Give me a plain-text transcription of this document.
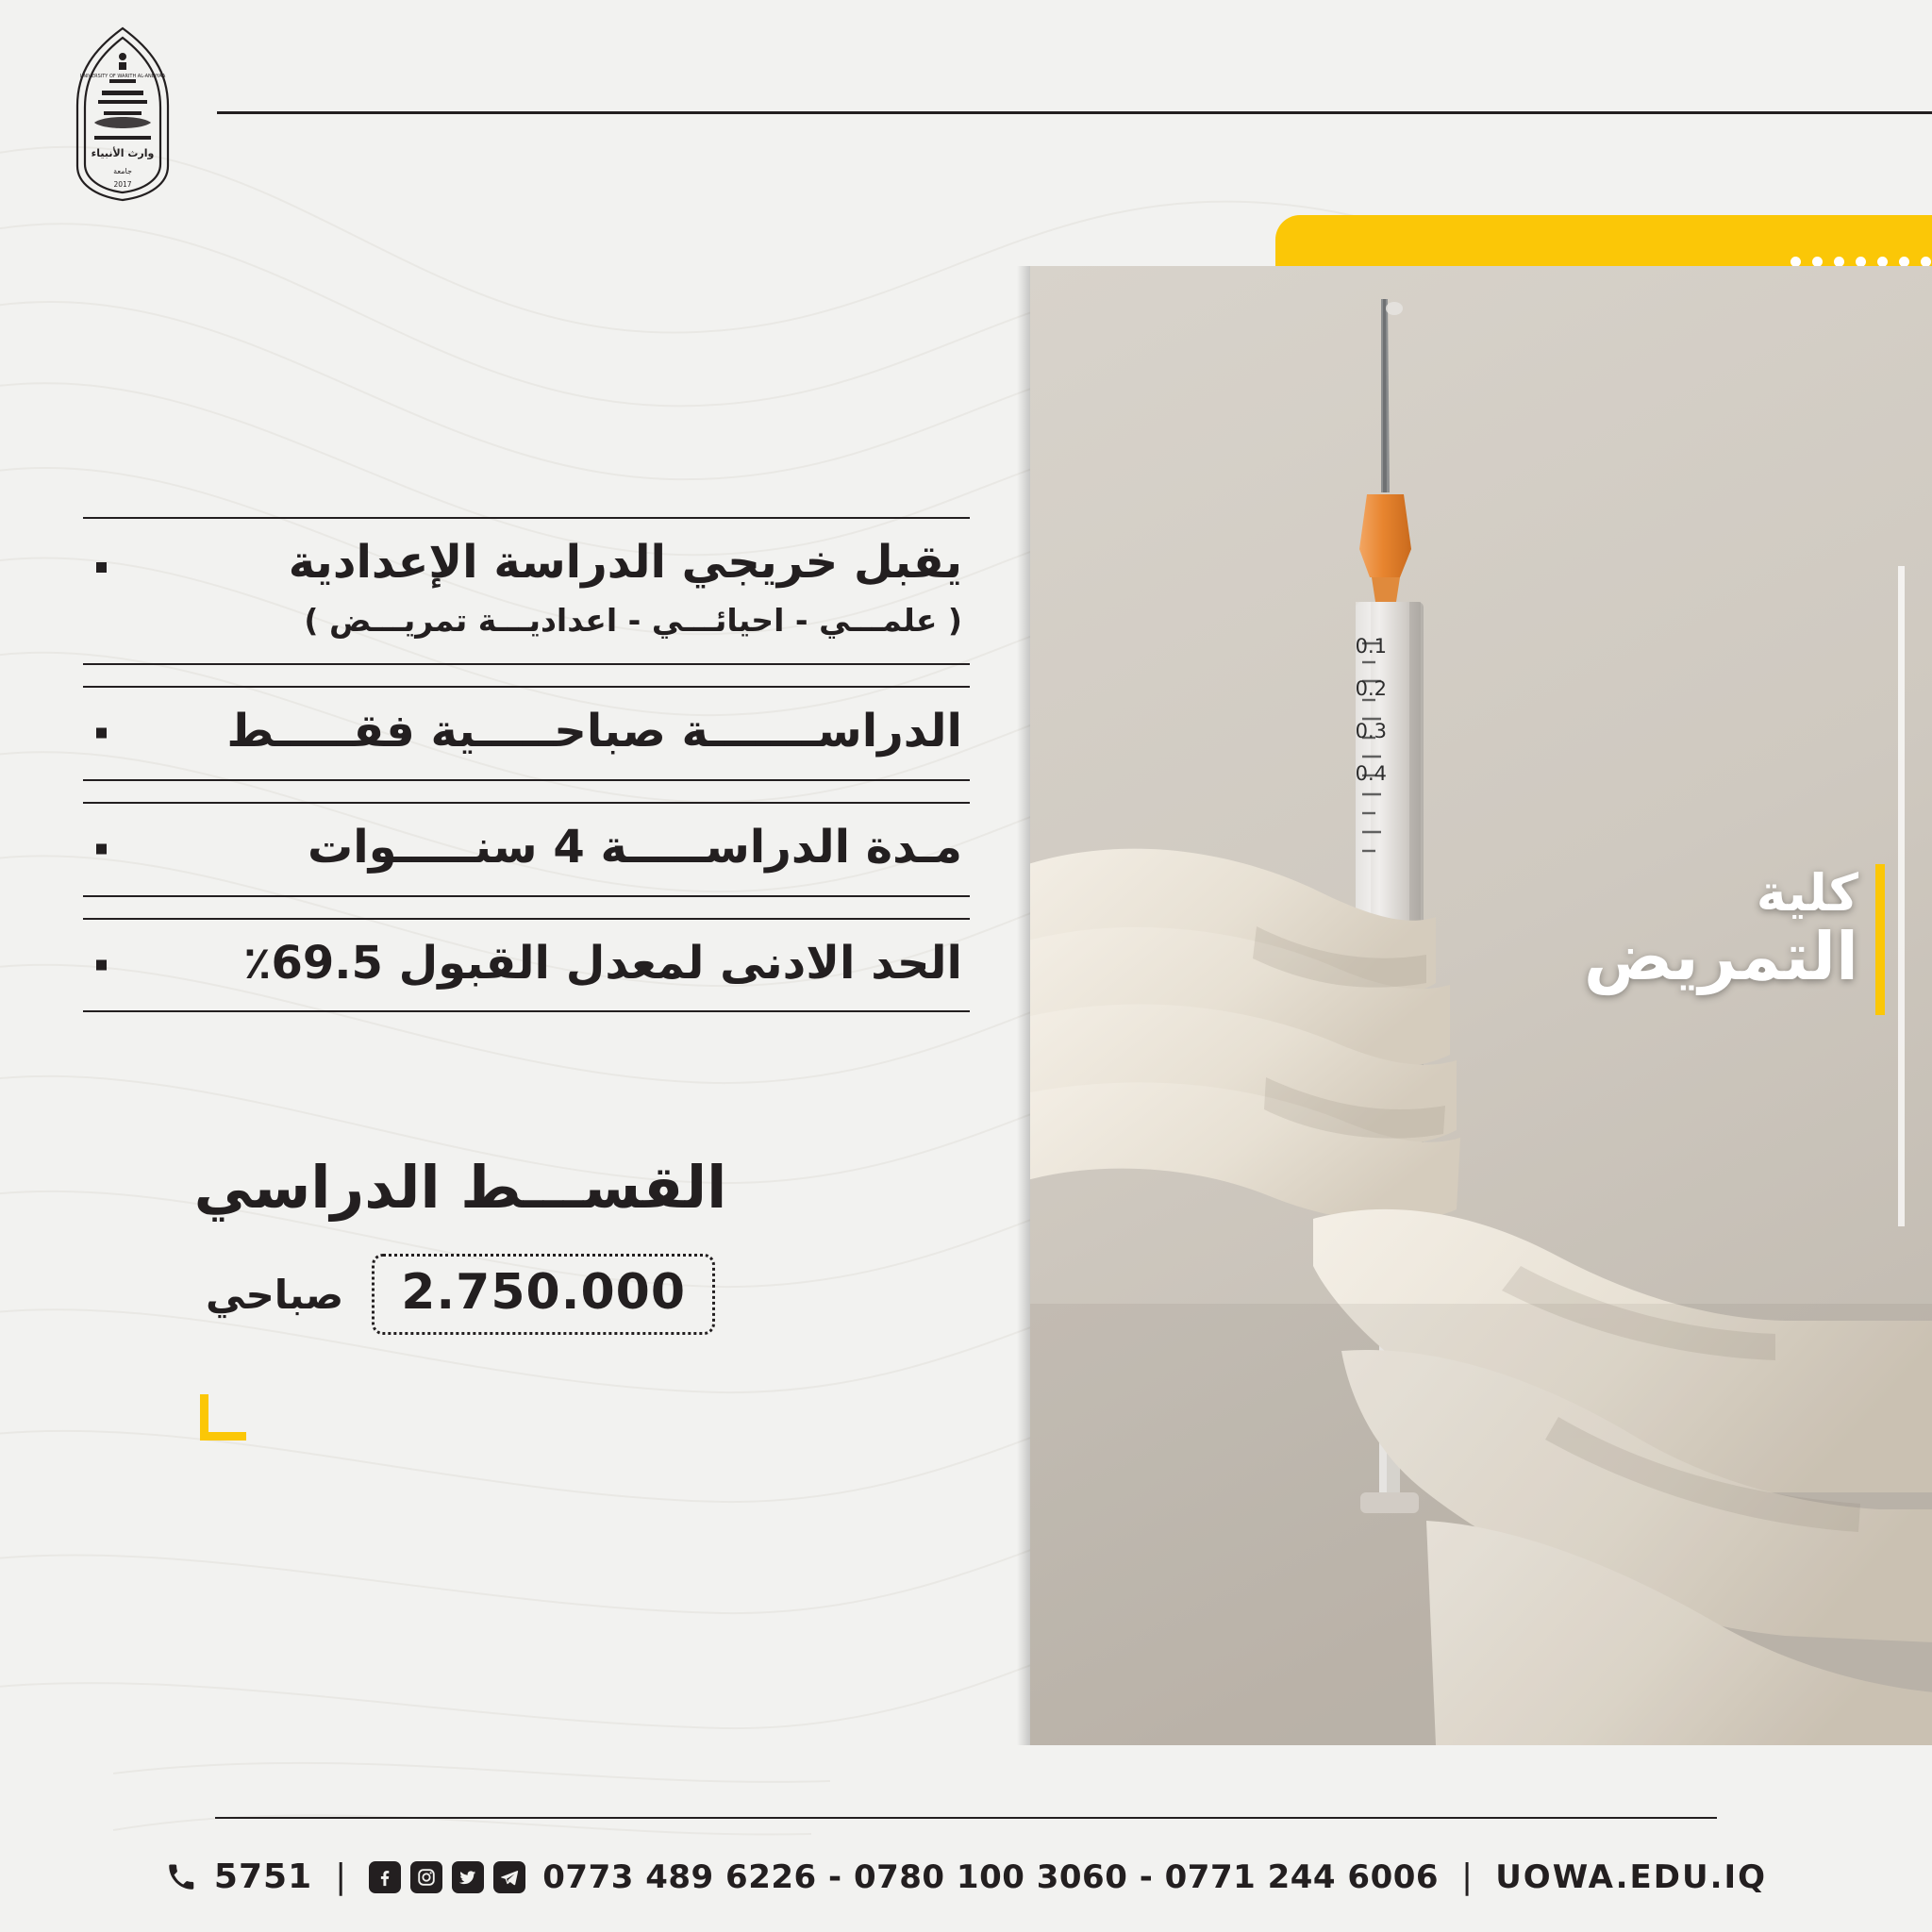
وارث الأنبياء
جامعة
2017
UNIVERSITY OF WARITH AL-ANBIYAA
0.1
0.2
0.3
0.4
كلية
التمريض
يقبل خريجي الدراسة الإعدادية
( علمـــي - احيائـــي - اعداديـــة تمريـــض )
الدراســـــــة صباحـــــية فقـــــط
مـدة الدراســـــة 4 سنـــــوات
الحد الادنى لمعدل القبول 69.5٪
القســـط الدراسي
2.750.000
صباحي
5751 |	0773 489 6226 - 0780 100 3060 - 0771 244 6006 | UOWA.EDU.IQ
